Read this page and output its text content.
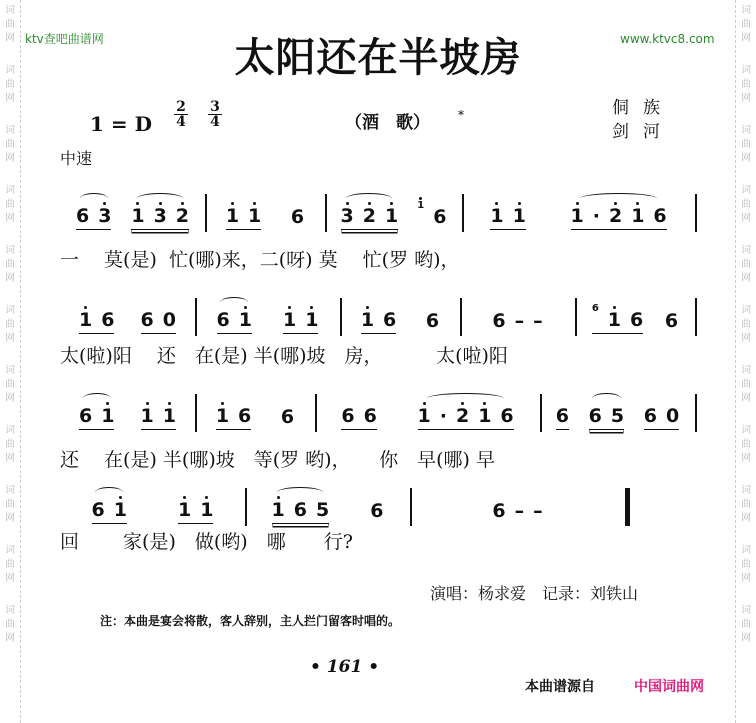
词
曲
网
词
曲
网
词
曲
网
词
曲
网
词
曲
网
词
曲
网
词
曲
网
词
曲
网
词
曲
网
词
曲
网
词
曲
网
词
曲
网
词
曲
网
词
曲
网
词
曲
网
词
曲
网
词
曲
网
词
曲
网
词
曲
网
词
曲
网
词
曲
网
词
曲
网
ktv查吧曲谱网	www.ktvc8.com
太阳还在半坡房
1 = D $\frac{2}{4} \frac{3}{4}$	（酒　歌） *	侗族
剑河
中速
6 3 1 3 2 1 1 6 3 2 1 1
6 1 1 1 · 2 1 6
一　 莫(是)  忙(哪)来，二(呀) 莫　 忙(罗 哟)，
1 6 6 0 6 1 1 1 1 6 6	6 – –
6
1 6 6
太(啦)阳　 还　在(是) 半(哪)坡　房，　　　 太(啦)阳
6 1 1 1 1 6 6 6 6 1 · 2 1 6 6 6 5 6 0
还　 在(是) 半(哪)坡　等(罗 哟)，　　你　早(哪) 早
6 1	1 1	1 6 5 6	6 – –
回　　 家(是)　做(哟)　哪　　行?
演唱：杨求爱　记录：刘铁山
注：本曲是宴会将散，客人辞别，主人拦门留客时唱的。
• 161 •
本曲谱源自	中国词曲网
